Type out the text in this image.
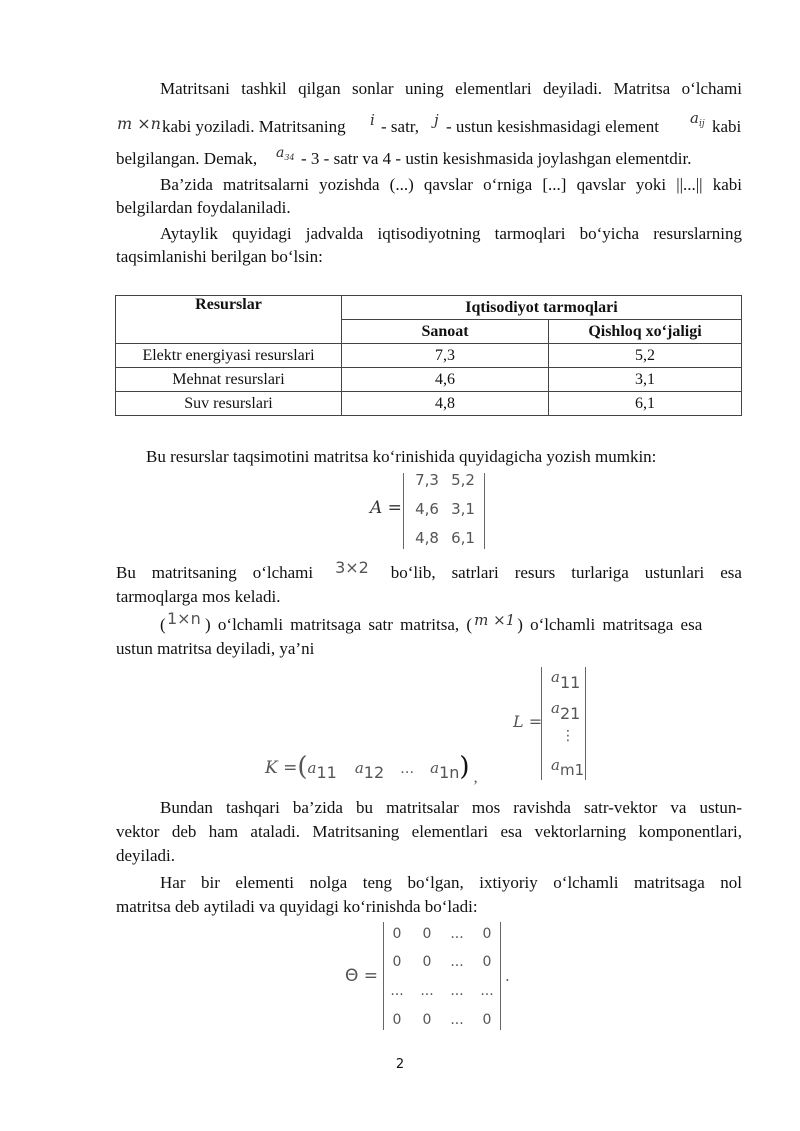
Matritsani tashkil qilgan sonlar uning elementlari deyiladi. Matritsa o‘lchami
m ×n kabi yoziladi. Matritsaning i - satr, j - ustun kesishmasidagi element $a_{ij}$ kabi
belgilangan. Demak, $a_{34} - 3$ - satr va 4 - ustin kesishmasida joylashgan elementdir.
Ba’zida matritsalarni yozishda (...) qavslar o‘rniga [...] qavslar yoki ||...|| kabi
belgilardan foydalaniladi.
Aytaylik quyidagi jadvalda iqtisodiyotning tarmoqlari bo‘yicha resurslarning
taqsimlanishi berilgan bo‘lsin:
Resurslar	Iqtisodiyot tarmoqlari	
	Sanoat	Qishloq xo‘jaligi
Elektr energiyasi resurslari	7,3	5,2
Mehnat resurslari	4,6	3,1
Suv resurslari	4,8	6,1
Bu resurslar taqsimotini matritsa ko‘rinishida quyidagicha yozish mumkin:
A =
7,3 5,2
4,6 3,1
4,8 6,1
Bu matritsaning o‘lchami	3×2	bo‘lib, satrlari resurs turlariga ustunlari esa
tarmoqlarga mos keladi.
( 1×n ) o‘lchamli matritsaga satr matritsa, ( m ×1 ) o‘lchamli matritsaga esa
ustun matritsa deyiladi, ya’ni
L =
a11
a21
⋮
am1
K =(a11 a12 … a1n) ,
Bundan tashqari ba’zida bu matritsalar mos ravishda satr-vektor va ustun-
vektor deb ham ataladi. Matritsaning elementlari esa vektorlarning komponentlari,
deyiladi.
Har bir elementi nolga teng bo‘lgan, ixtiyoriy o‘lchamli matritsaga nol
matritsa deb aytiladi va quyidagi ko‘rinishda bo‘ladi:
Θ =
0	0	...	0
0	0	...	0
...	...	...	...
0	0	...	0
.
2
